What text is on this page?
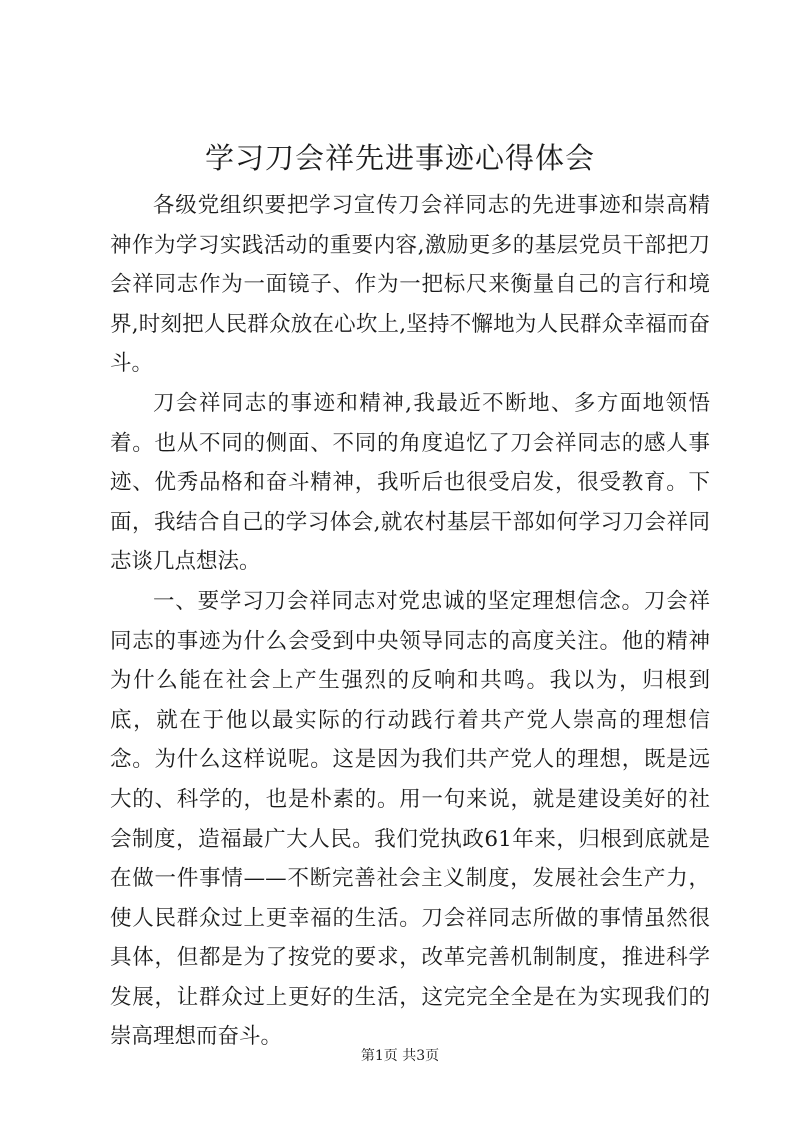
学习刀会祥先进事迹心得体会

各级党组织要把学习宣传刀会祥同志的先进事迹和崇高精神作为学习实践活动的重要内容,激励更多的基层党员干部把刀会祥同志作为一面镜子、作为一把标尺来衡量自己的言行和境界,时刻把人民群众放在心坎上,坚持不懈地为人民群众幸福而奋斗。

刀会祥同志的事迹和精神,我最近不断地、多方面地领悟着。也从不同的侧面、不同的角度追忆了刀会祥同志的感人事迹、优秀品格和奋斗精神，我听后也很受启发，很受教育。下面，我结合自己的学习体会,就农村基层干部如何学习刀会祥同志谈几点想法。

一、要学习刀会祥同志对党忠诚的坚定理想信念。刀会祥同志的事迹为什么会受到中央领导同志的高度关注。他的精神为什么能在社会上产生强烈的反响和共鸣。我以为，归根到底，就在于他以最实际的行动践行着共产党人崇高的理想信念。为什么这样说呢。这是因为我们共产党人的理想，既是远大的、科学的，也是朴素的。用一句来说，就是建设美好的社会制度，造福最广大人民。我们党执政61年来，归根到底就是在做一件事情——不断完善社会主义制度，发展社会生产力，使人民群众过上更幸福的生活。刀会祥同志所做的事情虽然很具体，但都是为了按党的要求，改革完善机制制度，推进科学发展，让群众过上更好的生活，这完完全全是在为实现我们的崇高理想而奋斗。

第1页 共3页
